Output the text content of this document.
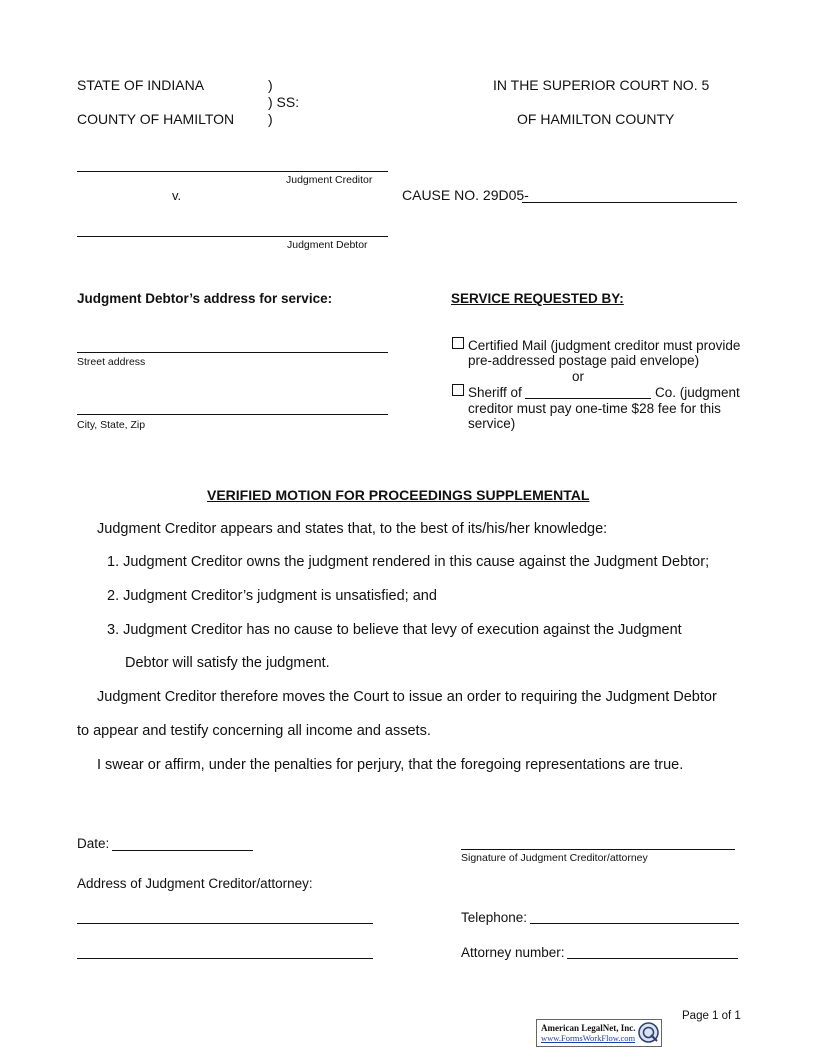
STATE OF INDIANA	)
) SS:
COUNTY OF HAMILTON )
IN THE SUPERIOR COURT NO. 5
OF HAMILTON COUNTY
Judgment Creditor
v.	CAUSE NO. 29D05-
Judgment Debtor
Judgment Debtor’s address for service:
Street address
City, State, Zip
SERVICE REQUESTED BY:
Certified Mail (judgment creditor must provide
pre-addressed postage paid envelope)
or
Sheriff of	Co. (judgment
creditor must pay one-time $28 fee for this
service)
VERIFIED MOTION FOR PROCEEDINGS SUPPLEMENTAL
Judgment Creditor appears and states that, to the best of its/his/her knowledge:
1. Judgment Creditor owns the judgment rendered in this cause against the Judgment Debtor;
2. Judgment Creditor’s judgment is unsatisfied; and
3. Judgment Creditor has no cause to believe that levy of execution against the Judgment
Debtor will satisfy the judgment.
Judgment Creditor therefore moves the Court to issue an order to requiring the Judgment Debtor
to appear and testify concerning all income and assets.
I swear or affirm, under the penalties for perjury, that the foregoing representations are true.
Date:
Signature of Judgment Creditor/attorney
Address of Judgment Creditor/attorney:
Telephone:
Attorney number:
Page 1 of 1
American LegalNet, Inc.
www.FormsWorkFlow.com
